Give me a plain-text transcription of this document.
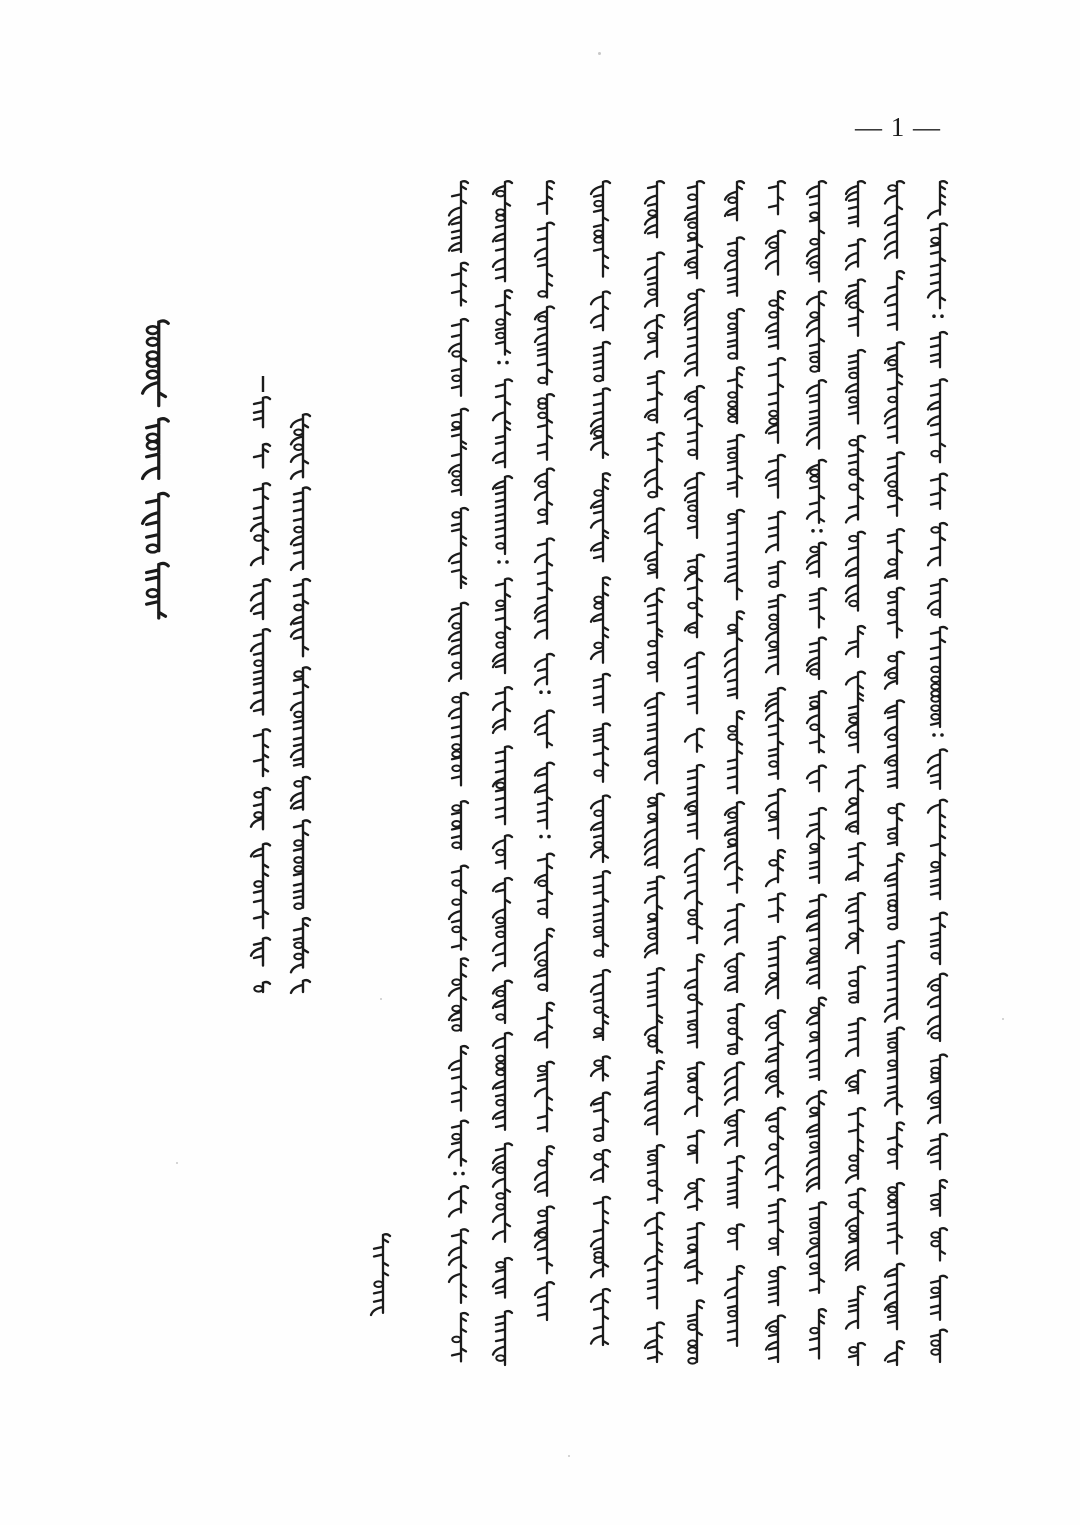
— 1 —
